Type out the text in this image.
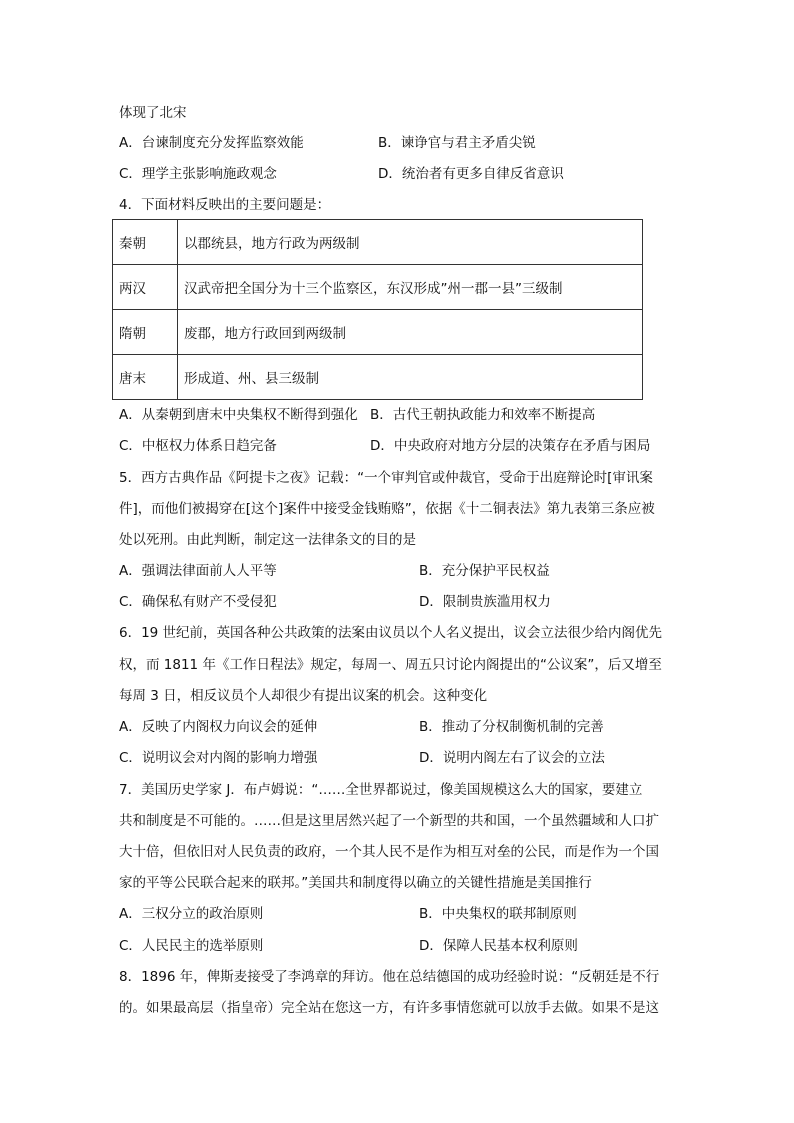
体现了北宋
A．台谏制度充分发挥监察效能	B．谏诤官与君主矛盾尖锐
C．理学主张影响施政观念	D．统治者有更多自律反省意识
4．下面材料反映出的主要问题是：
秦朝	以郡统县，地方行政为两级制
两汉	汉武帝把全国分为十三个监察区，东汉形成”州一郡一县”三级制
隋朝	废郡，地方行政回到两级制
唐末	形成道、州、县三级制
A．从秦朝到唐末中央集权不断得到强化 B．古代王朝执政能力和效率不断提高
C．中枢权力体系日趋完备	D．中央政府对地方分层的决策存在矛盾与困局
5．西方古典作品《阿提卡之夜》记载：“一个审判官或仲裁官，受命于出庭辩论时[审讯案
件]，而他们被揭穿在[这个]案件中接受金钱贿赂”，依据《十二铜表法》第九表第三条应被
处以死刑。由此判断，制定这一法律条文的目的是
A．强调法律面前人人平等	B．充分保护平民权益
C．确保私有财产不受侵犯	D．限制贵族滥用权力
6．19 世纪前，英国各种公共政策的法案由议员以个人名义提出，议会立法很少给内阁优先
权，而 1811 年《工作日程法》规定，每周一、周五只讨论内阁提出的“公议案”，后又增至
每周 3 日，相反议员个人却很少有提出议案的机会。这种变化
A．反映了内阁权力向议会的延伸	B．推动了分权制衡机制的完善
C．说明议会对内阁的影响力增强	D．说明内阁左右了议会的立法
7．美国历史学家 J．布卢姆说：“……全世界都说过，像美国规模这么大的国家，要建立
共和制度是不可能的。……但是这里居然兴起了一个新型的共和国，一个虽然疆域和人口扩
大十倍，但依旧对人民负责的政府，一个其人民不是作为相互对垒的公民，而是作为一个国
家的平等公民联合起来的联邦。”美国共和制度得以确立的关键性措施是美国推行
A．三权分立的政治原则	B．中央集权的联邦制原则
C．人民民主的选举原则	D．保障人民基本权利原则
8．1896 年，俾斯麦接受了李鸿章的拜访。他在总结德国的成功经验时说：“反朝廷是不行
的。如果最高层（指皇帝）完全站在您这一方，有许多事情您就可以放手去做。如果不是这
